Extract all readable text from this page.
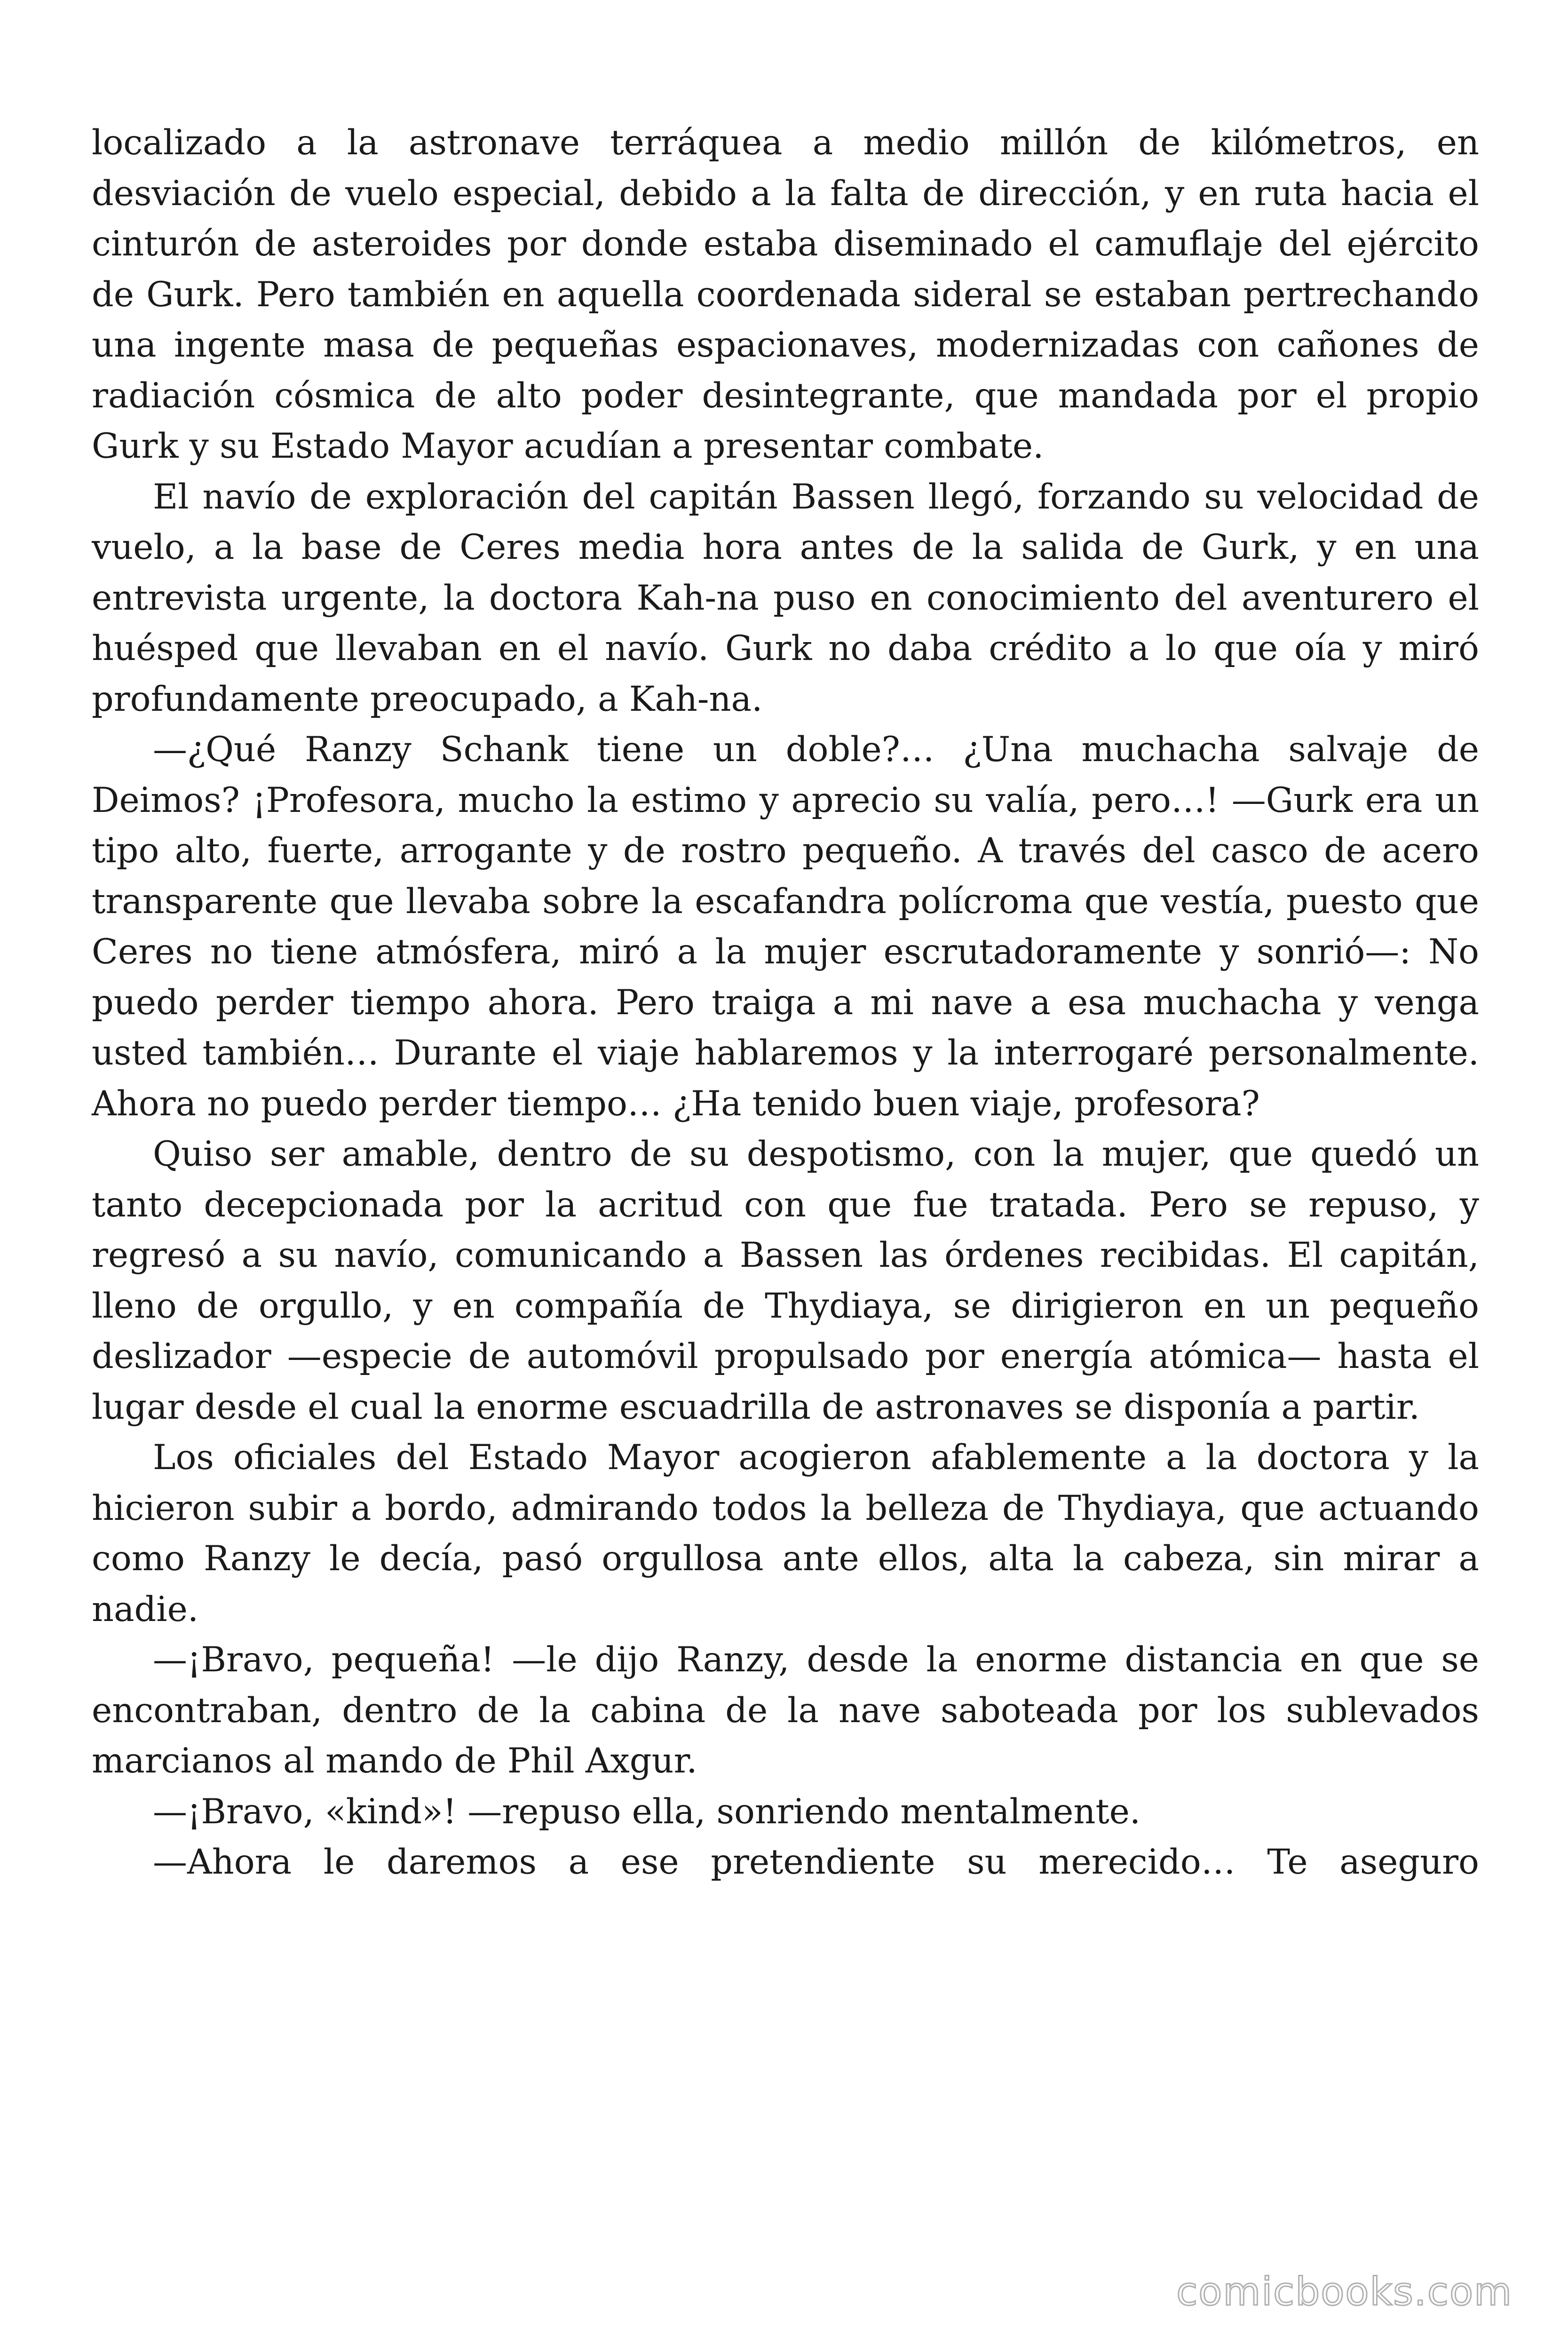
localizado a la astronave terráquea a medio millón de kilómetros, en desviación de vuelo especial, debido a la falta de dirección, y en ruta hacia el cinturón de asteroides por donde estaba diseminado el camuflaje del ejército de Gurk. Pero también en aquella coordenada sideral se estaban pertrechando una ingente masa de pequeñas espacionaves, modernizadas con cañones de radiación cósmica de alto poder desintegrante, que mandada por el propio Gurk y su Estado Mayor acudían a presentar combate.

El navío de exploración del capitán Bassen llegó, forzando su velocidad de vuelo, a la base de Ceres media hora antes de la salida de Gurk, y en una entrevista urgente, la doctora Kah-na puso en conocimiento del aventurero el huésped que llevaban en el navío. Gurk no daba crédito a lo que oía y miró profundamente preocupado, a Kah-na.

—¿Qué Ranzy Schank tiene un doble?… ¿Una muchacha salvaje de Deimos? ¡Profesora, mucho la estimo y aprecio su valía, pero…! —Gurk era un tipo alto, fuerte, arrogante y de rostro pequeño. A través del casco de acero transparente que llevaba sobre la escafandra polícroma que vestía, puesto que Ceres no tiene atmósfera, miró a la mujer escrutadoramente y sonrió—: No puedo perder tiempo ahora. Pero traiga a mi nave a esa muchacha y venga usted también… Durante el viaje hablaremos y la interrogaré personalmente. Ahora no puedo perder tiempo… ¿Ha tenido buen viaje, profesora?

Quiso ser amable, dentro de su despotismo, con la mujer, que quedó un tanto decepcionada por la acritud con que fue tratada. Pero se repuso, y regresó a su navío, comunicando a Bassen las órdenes recibidas. El capitán, lleno de orgullo, y en compañía de Thydiaya, se dirigieron en un pequeño deslizador —especie de automóvil propulsado por energía atómica— hasta el lugar desde el cual la enorme escuadrilla de astronaves se disponía a partir.

Los oficiales del Estado Mayor acogieron afablemente a la doctora y la hicieron subir a bordo, admirando todos la belleza de Thydiaya, que actuando como Ranzy le decía, pasó orgullosa ante ellos, alta la cabeza, sin mirar a nadie.

—¡Bravo, pequeña! —le dijo Ranzy, desde la enorme distancia en que se encontraban, dentro de la cabina de la nave saboteada por los sublevados marcianos al mando de Phil Axgur.

—¡Bravo, «kind»! —repuso ella, sonriendo mentalmente.

—Ahora le daremos a ese pretendiente su merecido… Te aseguro

comicbooks.com
